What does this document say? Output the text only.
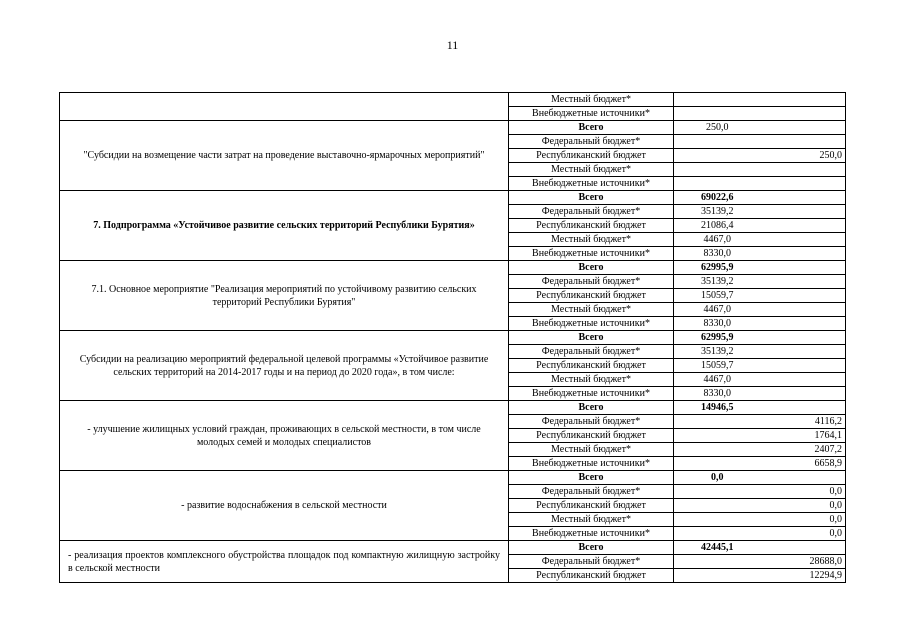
11
	Местный бюджет*		
	Внебюджетные источники*		
"Субсидии на возмещение части затрат на проведение выставочно-ярмарочных мероприятий"	Всего	250,0	
	Федеральный бюджет*		
	Республиканский бюджет		250,0
	Местный бюджет*		
	Внебюджетные источники*		
7. Подпрограмма «Устойчивое развитие сельских территорий Республики Бурятия»	Всего	69022,6	
	Федеральный бюджет*	35139,2	
	Республиканский бюджет	21086,4	
	Местный бюджет*	4467,0	
	Внебюджетные источники*	8330,0	
7.1. Основное мероприятие "Реализация мероприятий по устойчивому развитию сельских территорий Республики Бурятия"	Всего	62995,9	
	Федеральный бюджет*	35139,2	
	Республиканский бюджет	15059,7	
	Местный бюджет*	4467,0	
	Внебюджетные источники*	8330,0	
Субсидии на реализацию мероприятий федеральной целевой программы «Устойчивое развитие сельских территорий на 2014-2017 годы и на период до 2020 года», в том числе:	Всего	62995,9	
	Федеральный бюджет*	35139,2	
	Республиканский бюджет	15059,7	
	Местный бюджет*	4467,0	
	Внебюджетные источники*	8330,0	
- улучшение жилищных условий граждан, проживающих в сельской местности, в том числе молодых семей и молодых специалистов	Всего	14946,5	
	Федеральный бюджет*		4116,2
	Республиканский бюджет		1764,1
	Местный бюджет*		2407,2
	Внебюджетные источники*		6658,9
- развитие водоснабжения в сельской местности	Всего	0,0	
	Федеральный бюджет*		0,0
	Республиканский бюджет		0,0
	Местный бюджет*		0,0
	Внебюджетные источники*		0,0
- реализация проектов комплексного обустройства площадок под компактную жилищную застройку в сельской местности	Всего	42445,1	
	Федеральный бюджет*		28688,0
	Республиканский бюджет		12294,9
